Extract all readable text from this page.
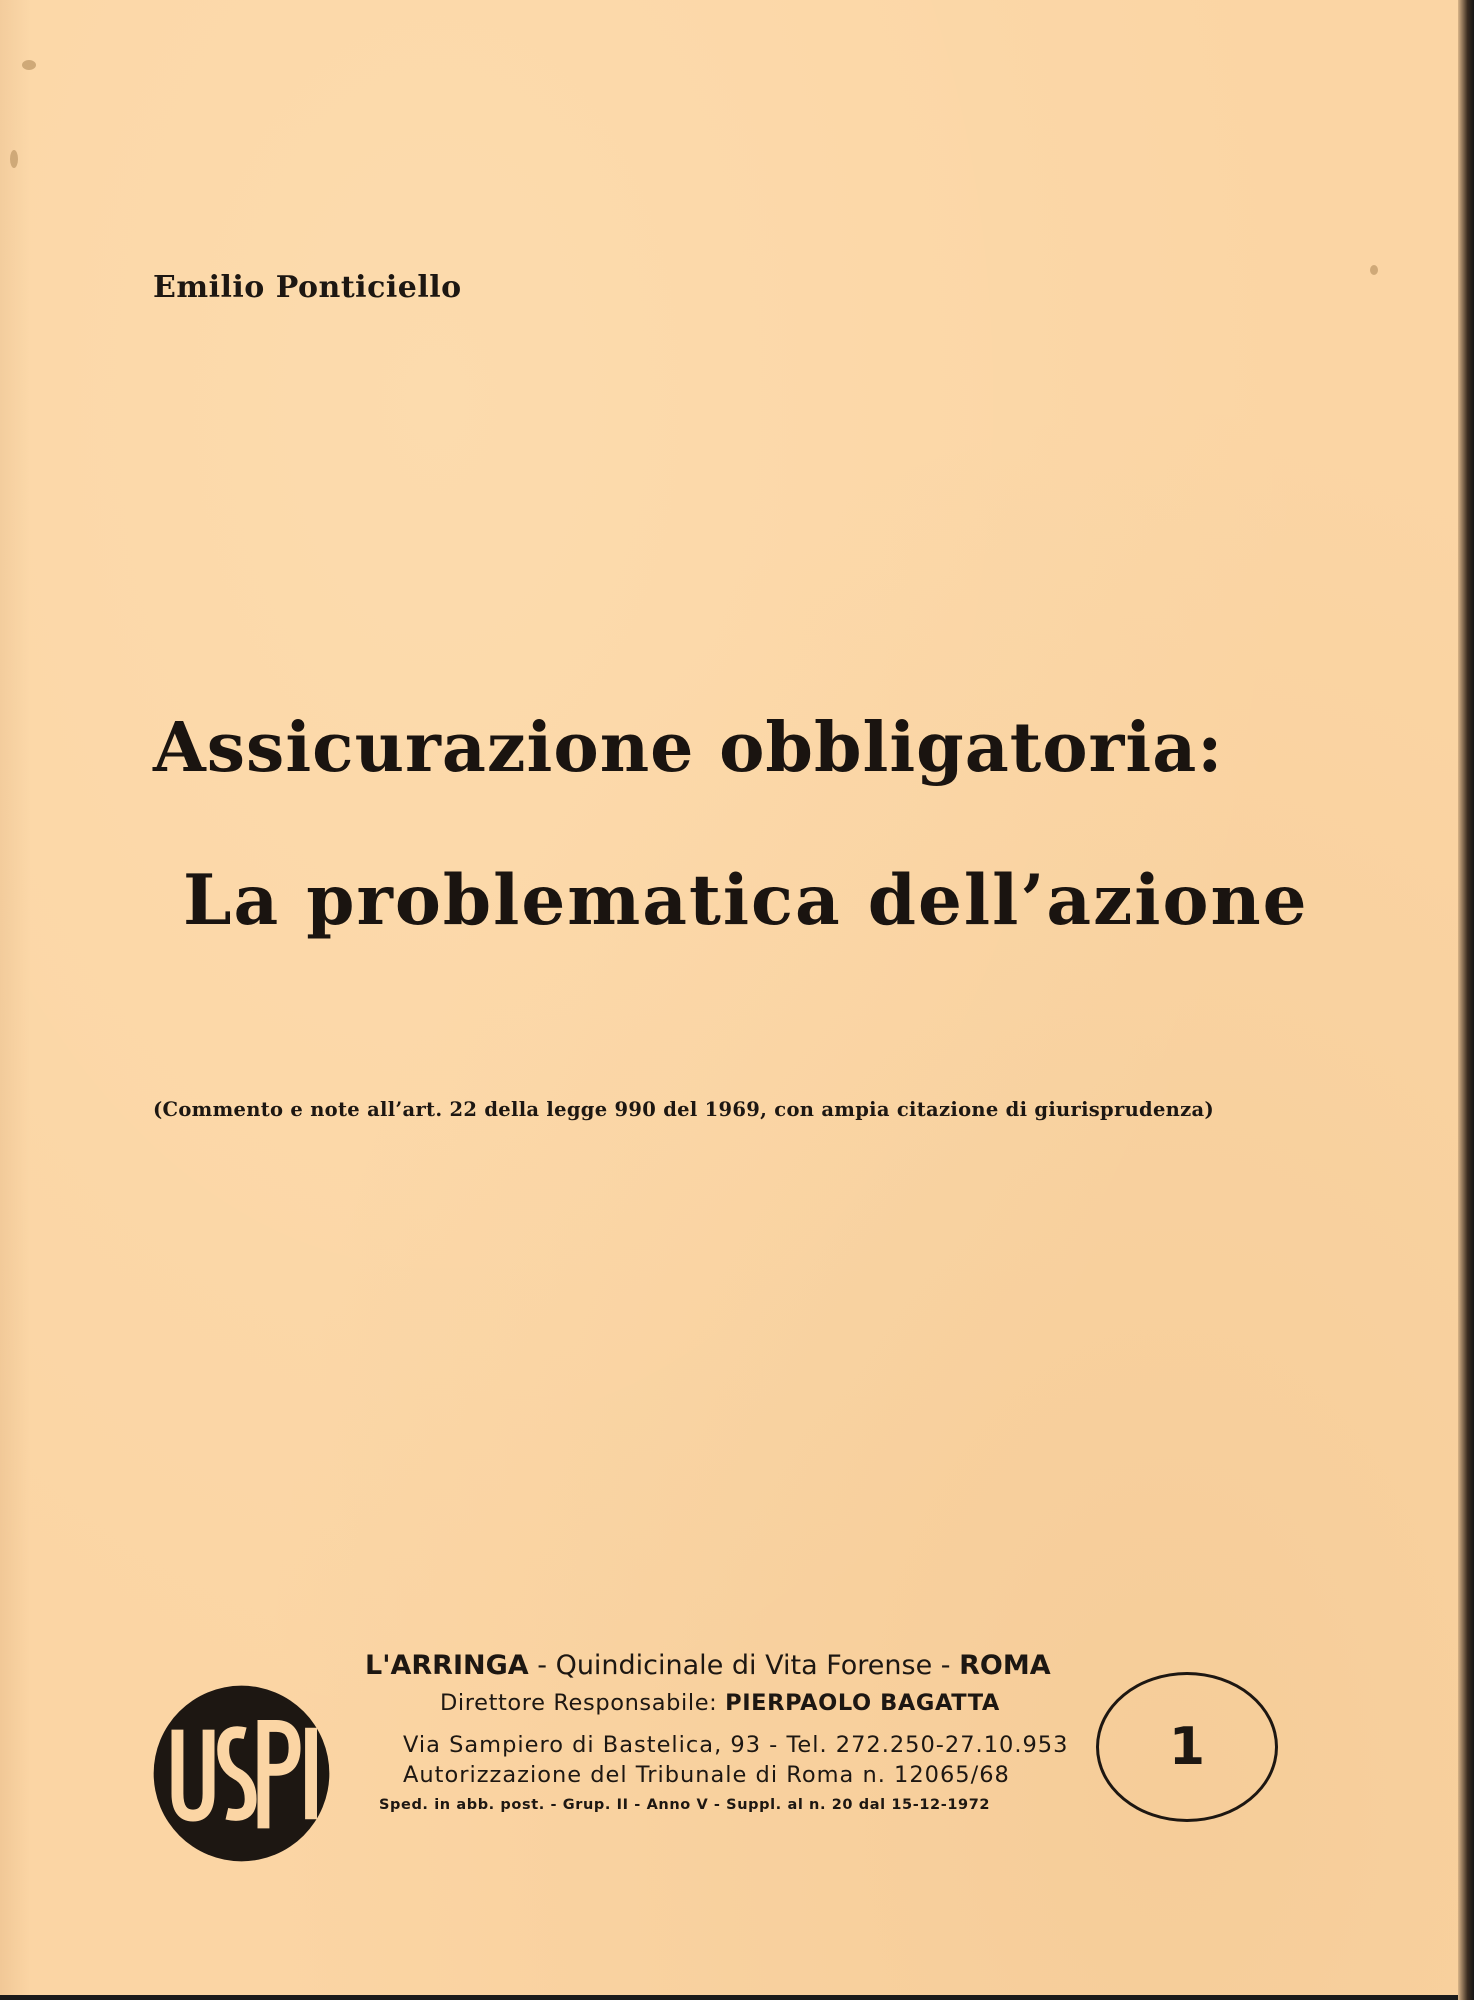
Emilio Ponticiello
Assicurazione obbligatoria:
La problematica dell’azione
(Commento e note all’art. 22 della legge 990 del 1969, con ampia citazione di giurisprudenza)
L'ARRINGA - Quindicinale di Vita Forense - ROMA
Direttore Responsabile: PIERPAOLO BAGATTA
Via Sampiero di Bastelica, 93 - Tel. 272.250-27.10.953
Autorizzazione del Tribunale di Roma n. 12065/68
Sped. in abb. post. - Grup. II - Anno V - Suppl. al n. 20 dal 15-12-1972
1
